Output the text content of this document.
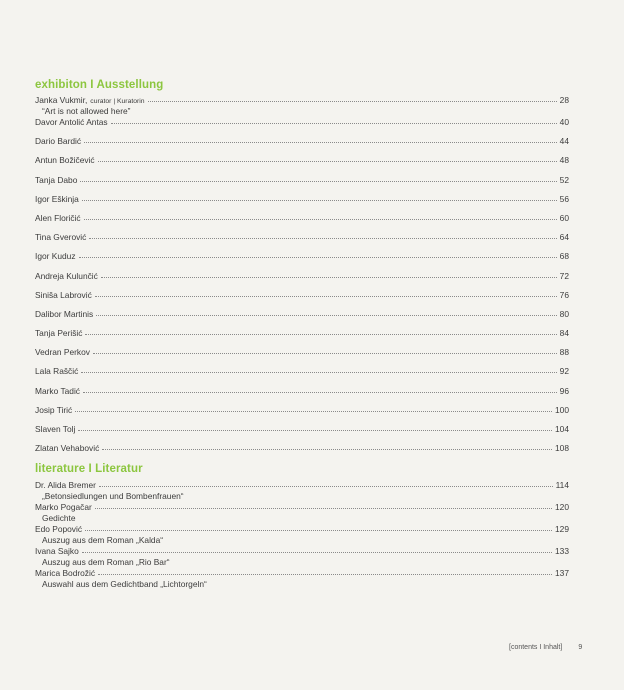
exhibiton I Ausstellung
Janka Vukmir, curator | Kuratorin	28
“Art is not allowed here”
Davor Antolić Antas	40
Dario Bardić	44
Antun Božičević	48
Tanja Dabo	52
Igor Eškinja	56
Alen Floričić	60
Tina Gverović	64
Igor Kuduz	68
Andreja Kulunčić	72
Siniša Labrović	76
Dalibor Martinis	80
Tanja Perišić	84
Vedran Perkov	88
Lala Raščić	92
Marko Tadić	96
Josip Tirić	100
Slaven Tolj	104
Zlatan Vehabović	108
literature I Literatur
Dr. Alida Bremer	114
„Betonsiedlungen und Bombenfrauen“
Marko Pogačar	120
Gedichte
Edo Popović	129
Auszug aus dem Roman „Kalda“
Ivana Sajko	133
Auszug aus dem Roman „Rio Bar“
Marica Bodrožić	137
Auswahl aus dem Gedichtband „Lichtorgeln“
[contents I Inhalt] 9
